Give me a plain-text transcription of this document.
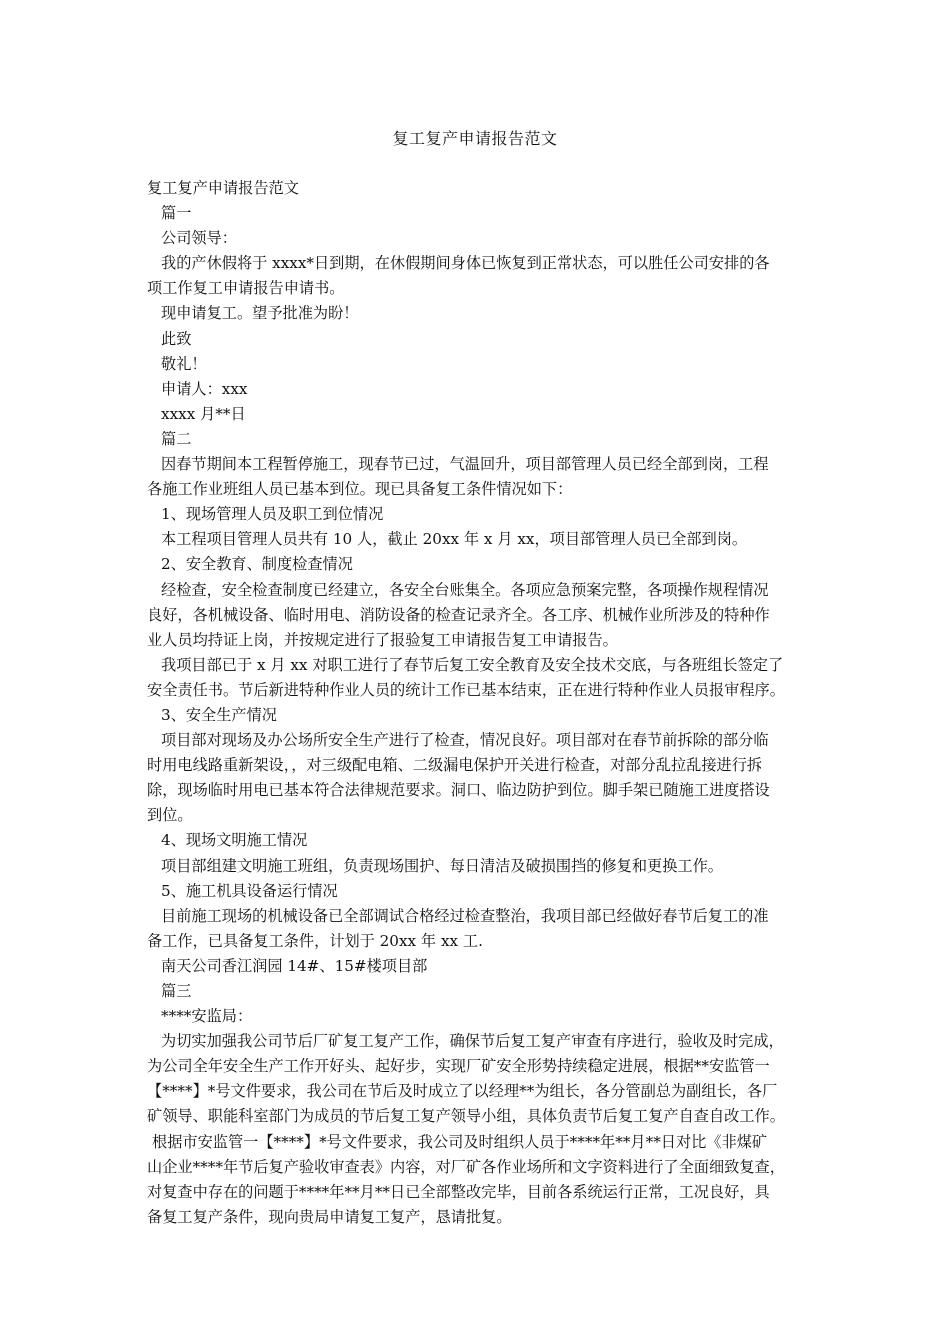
复工复产申请报告范文
复工复产申请报告范文
篇一
公司领导：
我的产休假将于 xxxx*日到期，在休假期间身体已恢复到正常状态，可以胜任公司安排的各
项工作复工申请报告申请书。
现申请复工。望予批准为盼！
此致
敬礼！
申请人：xxx
xxxx 月**日
篇二
因春节期间本工程暂停施工，现春节已过，气温回升，项目部管理人员已经全部到岗，工程
各施工作业班组人员已基本到位。现已具备复工条件情况如下：
1、现场管理人员及职工到位情况
本工程项目管理人员共有 10 人，截止 20xx 年 x 月 xx，项目部管理人员已全部到岗。
2、安全教育、制度检查情况
经检查，安全检查制度已经建立，各安全台账集全。各项应急预案完整，各项操作规程情况
良好，各机械设备、临时用电、消防设备的检查记录齐全。各工序、机械作业所涉及的特种作
业人员均持证上岗，并按规定进行了报验复工申请报告复工申请报告。
我项目部已于 x 月 xx 对职工进行了春节后复工安全教育及安全技术交底，与各班组长签定了
安全责任书。节后新进特种作业人员的统计工作已基本结束，正在进行特种作业人员报审程序。
3、安全生产情况
项目部对现场及办公场所安全生产进行了检查，情况良好。项目部对在春节前拆除的部分临
时用电线路重新架设，，对三级配电箱、二级漏电保护开关进行检查，对部分乱拉乱接进行拆
除，现场临时用电已基本符合法律规范要求。洞口、临边防护到位。脚手架已随施工进度搭设
到位。
4、现场文明施工情况
项目部组建文明施工班组，负责现场围护、每日清洁及破损围挡的修复和更换工作。
5、施工机具设备运行情况
目前施工现场的机械设备已全部调试合格经过检查整治，我项目部已经做好春节后复工的准
备工作，已具备复工条件，计划于 20xx 年 xx 工.
南天公司香江润园 14#、15#楼项目部
篇三
****安监局：
为切实加强我公司节后厂矿复工复产工作，确保节后复工复产审查有序进行，验收及时完成，
为公司全年安全生产工作开好头、起好步，实现厂矿安全形势持续稳定进展，根据**安监管一
【****】*号文件要求，我公司在节后及时成立了以经理**为组长，各分管副总为副组长，各厂
矿领导、职能科室部门为成员的节后复工复产领导小组，具体负责节后复工复产自查自改工作。
根据市安监管一【****】*号文件要求，我公司及时组织人员于****年**月**日对比《非煤矿
山企业****年节后复产验收审查表》内容，对厂矿各作业场所和文字资料进行了全面细致复查，
对复查中存在的问题于****年**月**日已全部整改完毕，目前各系统运行正常，工况良好，具
备复工复产条件，现向贵局申请复工复产，恳请批复。
